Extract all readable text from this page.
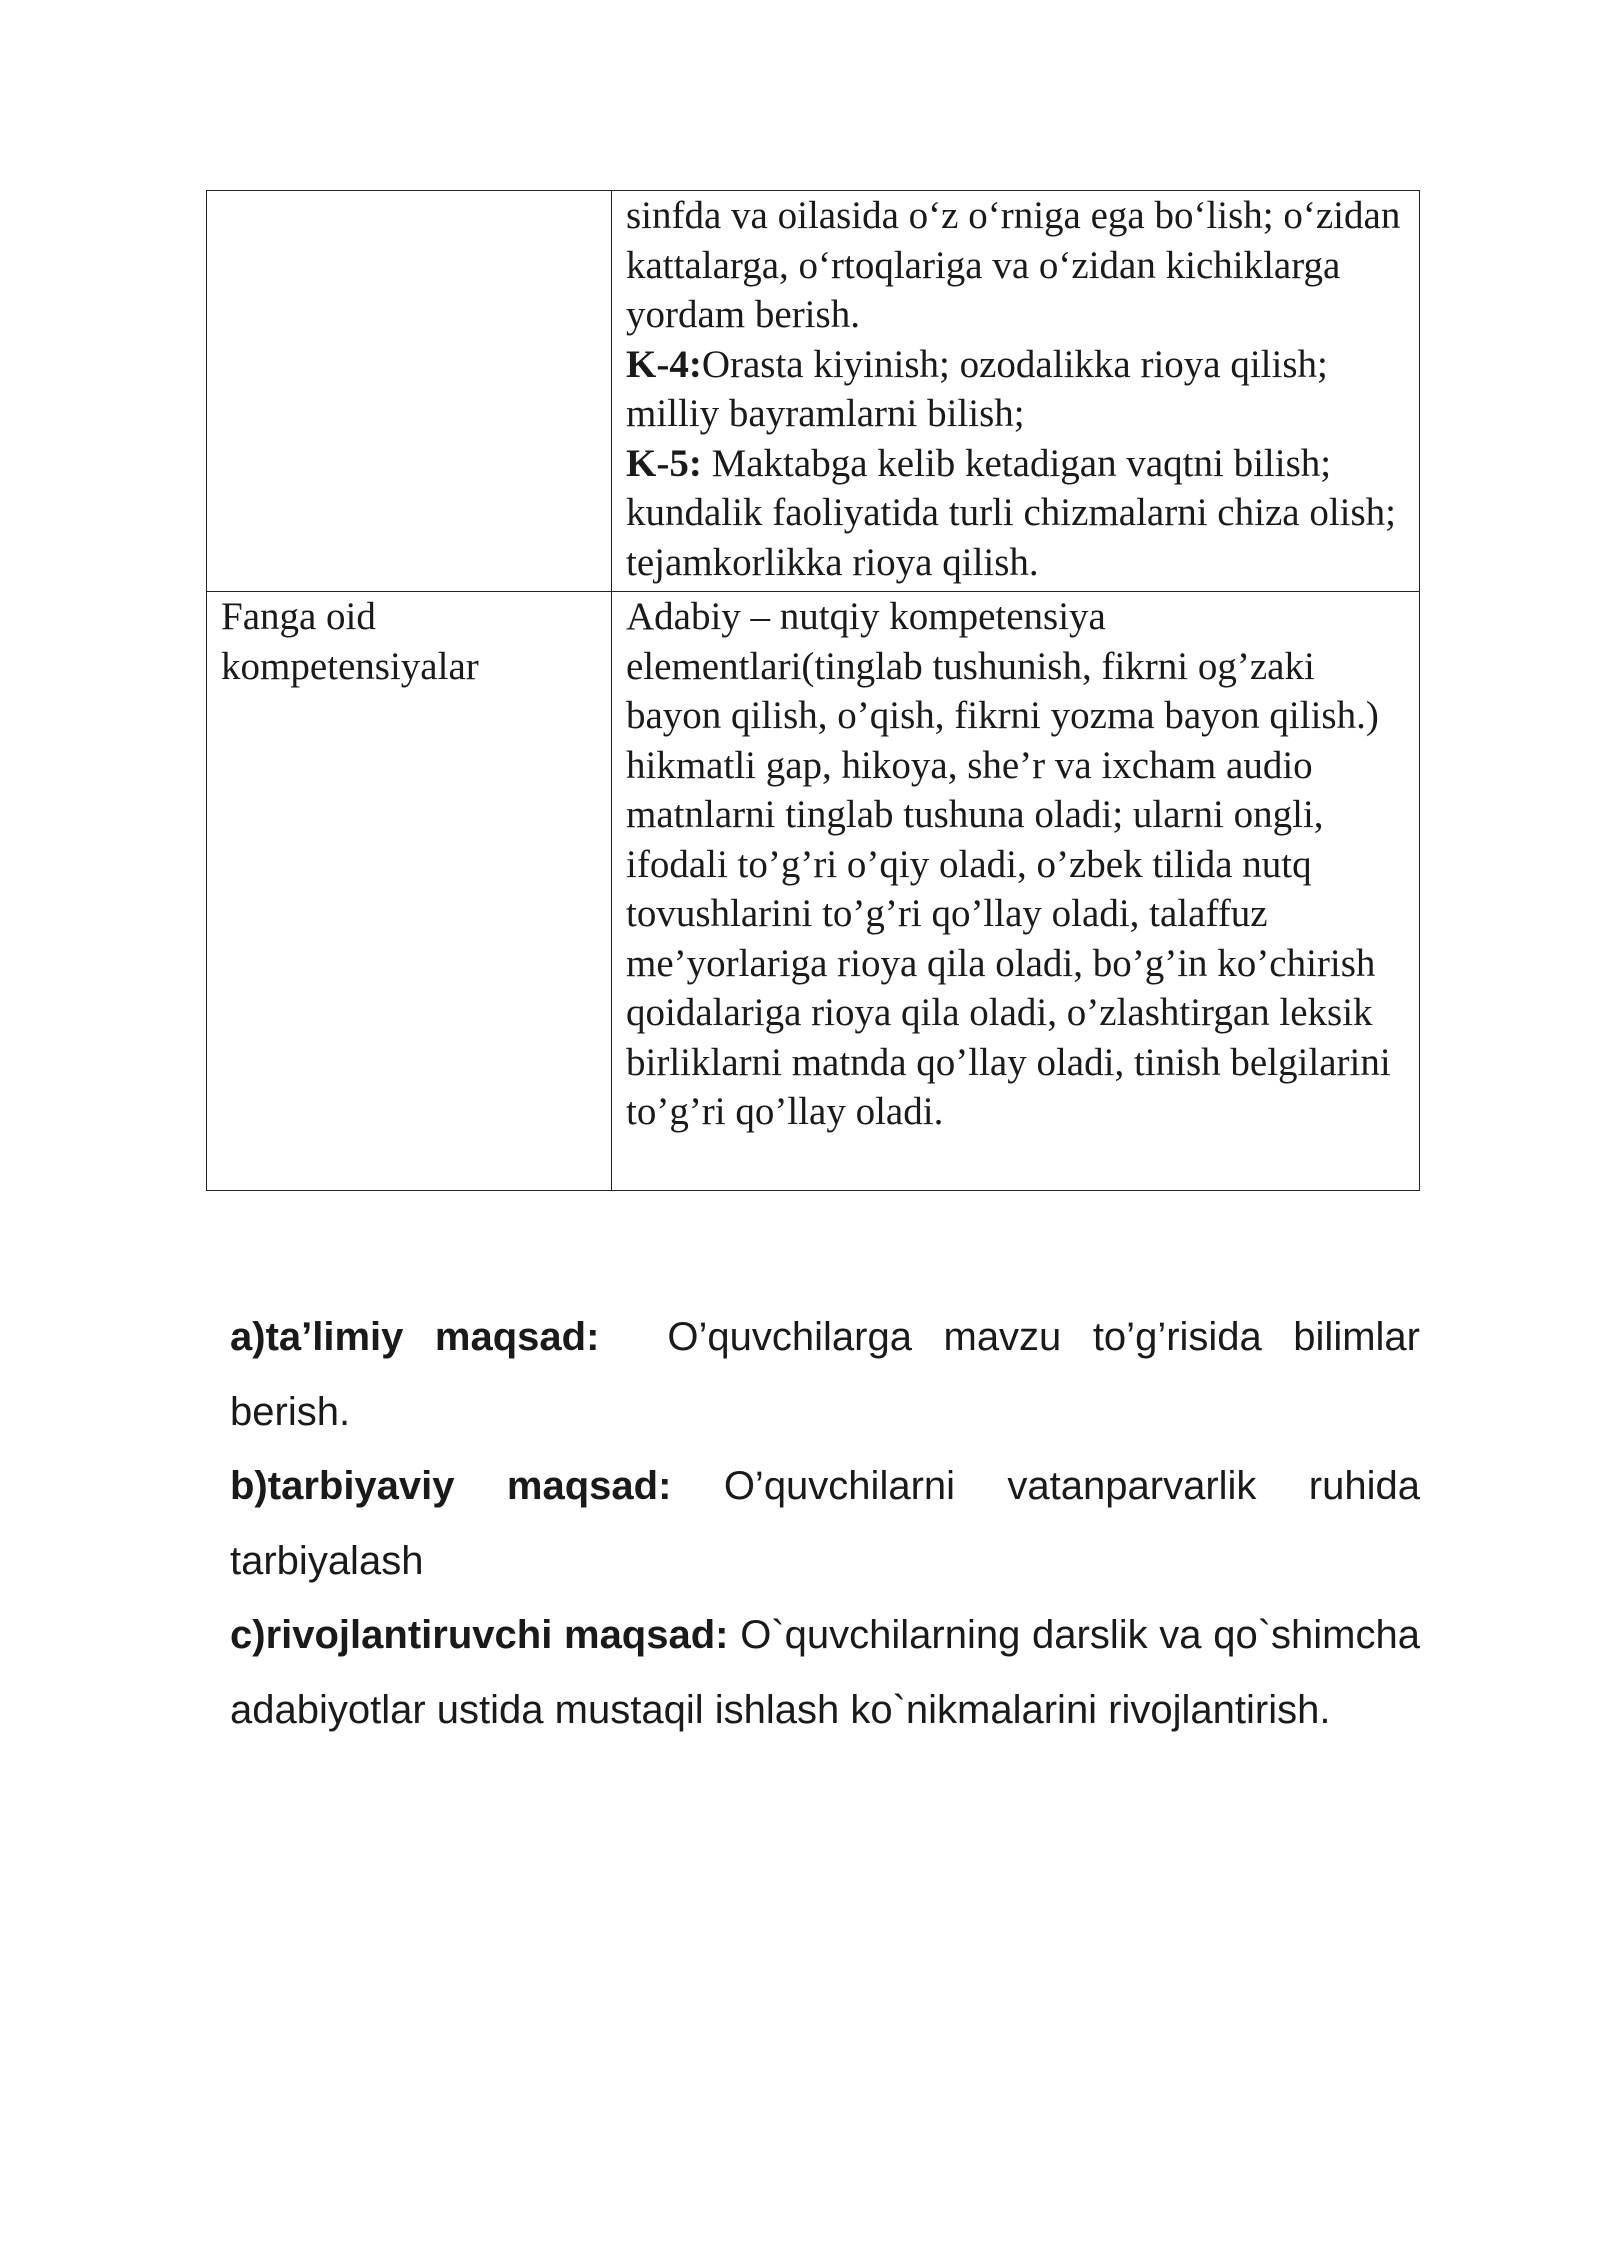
	sinfda va oilasida o‘z o‘rniga ega bo‘lish; o‘zidan kattalarga, o‘rtoqlariga va o‘zidan kichiklarga yordam berish.
K-4:Orasta kiyinish; ozodalikka rioya qilish; milliy bayramlarni bilish;
K-5: Maktabga kelib ketadigan vaqtni bilish; kundalik faoliyatida turli chizmalarni chiza olish; tejamkorlikka rioya qilish.

Fanga oid kompetensiyalar	Adabiy – nutqiy kompetensiya elementlari(tinglab tushunish, fikrni og’zaki bayon qilish, o’qish, fikrni yozma bayon qilish.) hikmatli gap, hikoya, she’r va ixcham audio matnlarni tinglab tushuna oladi; ularni ongli, ifodali to’g’ri o’qiy oladi, o’zbek tilida nutq tovushlarini to’g’ri qo’llay oladi, talaffuz me’yorlariga rioya qila oladi, bo’g’in ko’chirish qoidalariga rioya qila oladi, o’zlashtirgan leksik birliklarni matnda qo’llay oladi, tinish belgilarini to’g’ri qo’llay oladi.

a)ta’limiy maqsad: O’quvchilarga mavzu to’g’risida bilimlar berish.

b)tarbiyaviy maqsad: O’quvchilarni vatanparvarlik ruhida tarbiyalash

c)rivojlantiruvchi maqsad: O`quvchilarning darslik va qo`shimcha adabiyotlar ustida mustaqil ishlash ko`nikmalarini rivojlantirish.
